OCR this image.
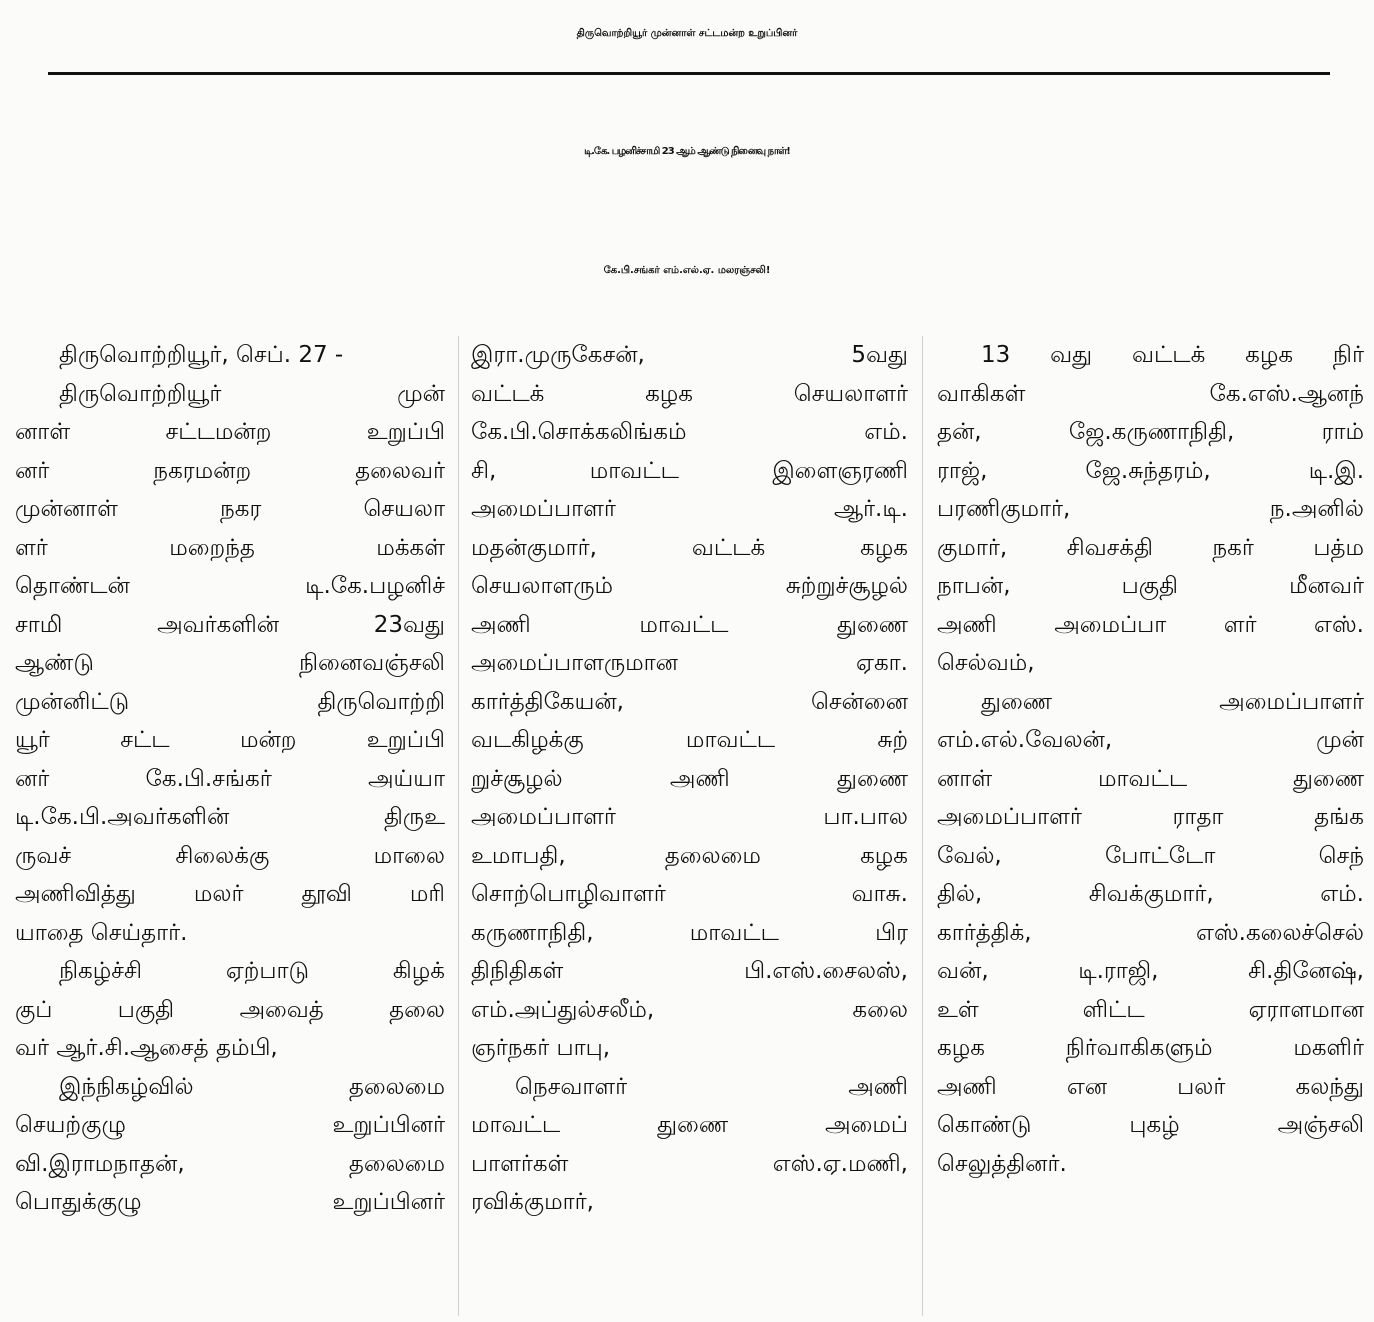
திருவொற்றியூர் முன்னாள் சட்டமன்ற உறுப்பினர்
டி.கே. பழனிச்சாமி 23 ஆம் ஆண்டு நினைவு நாள்!
கே.பி.சங்கர் எம்.எல்.ஏ. மலரஞ்சலி!
திருவொற்றியூர், செப். 27 -
திருவொற்றியூர் முன்
னாள் சட்டமன்ற உறுப்பி
னர் நகரமன்ற தலைவர்
முன்னாள் நகர செயலா
ளர் மறைந்த மக்கள்
தொண்டன் டி.கே.பழனிச்
சாமி அவர்களின் 23வது
ஆண்டு நினைவஞ்சலி
முன்னிட்டு திருவொற்றி
யூர் சட்ட மன்ற உறுப்பி
னர் கே.பி.சங்கர் அய்யா
டி.கே.பி.அவர்களின் திருஉ
ருவச் சிலைக்கு மாலை
அணிவித்து மலர் தூவி மரி
யாதை செய்தார்.
நிகழ்ச்சி ஏற்பாடு கிழக்
குப் பகுதி அவைத் தலை
வர் ஆர்.சி.ஆசைத் தம்பி,
இந்நிகழ்வில் தலைமை
செயற்குழு உறுப்பினர்
வி.இராமநாதன், தலைமை
பொதுக்குழு உறுப்பினர்
இரா.முருகேசன், 5வது
வட்டக் கழக செயலாளர்
கே.பி.சொக்கலிங்கம் எம்.
சி, மாவட்ட இளைஞரணி
அமைப்பாளர் ஆர்.டி.
மதன்குமார், வட்டக் கழக
செயலாளரும் சுற்றுச்சூழல்
அணி மாவட்ட துணை
அமைப்பாளருமான ஏகா.
கார்த்திகேயன், சென்னை
வடகிழக்கு மாவட்ட சுற்
றுச்சூழல் அணி துணை
அமைப்பாளர் பா.பால
உமாபதி, தலைமை கழக
சொற்பொழிவாளர் வாசு.
கருணாநிதி, மாவட்ட பிர
திநிதிகள் பி.எஸ்.சைலஸ்,
எம்.அப்துல்சலீம், கலை
ஞர்நகர் பாபு,
நெசவாளர் அணி
மாவட்ட துணை அமைப்
பாளர்கள் எஸ்.ஏ.மணி,
ரவிக்குமார்,
13 வது வட்டக் கழக நிர்
வாகிகள் கே.எஸ்.ஆனந்
தன், ஜே.கருணாநிதி, ராம்
ராஜ், ஜே.சுந்தரம், டி.இ.
பரணிகுமார், ந.அனில்
குமார், சிவசக்தி நகர் பத்ம
நாபன், பகுதி மீனவர்
அணி அமைப்பா ளர் எஸ்.
செல்வம்,
துணை அமைப்பாளர்
எம்.எல்.வேலன், முன்
னாள் மாவட்ட துணை
அமைப்பாளர் ராதா தங்க
வேல், போட்டோ செந்
தில், சிவக்குமார், எம்.
கார்த்திக், எஸ்.கலைச்செல்
வன், டி.ராஜி, சி.தினேஷ்,
உள் ளிட்ட ஏராளமான
கழக நிர்வாகிகளும் மகளிர்
அணி என பலர் கலந்து
கொண்டு புகழ் அஞ்சலி
செலுத்தினர்.
